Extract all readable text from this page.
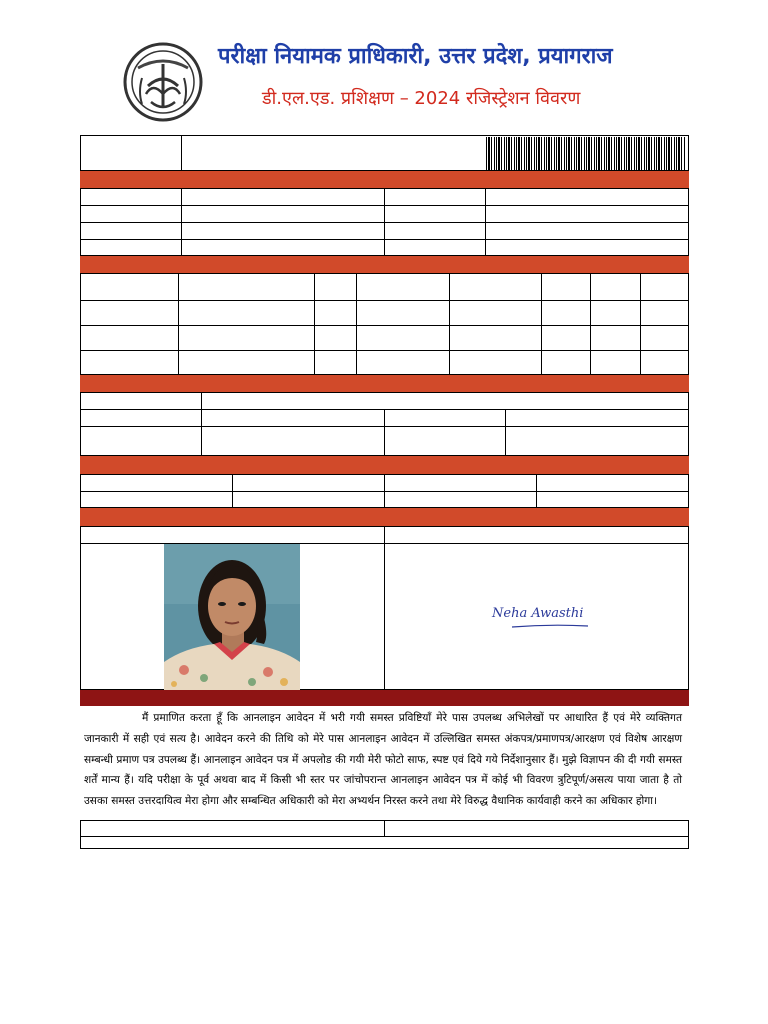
परीक्षा नियामक प्राधिकारी, उत्तर प्रदेश, प्रयागराज
डी.एल.एड. प्रशिक्षण – 2024 रजिस्ट्रेशन विवरण
Neha Awasthi
मैं प्रमाणित करता हूँ कि आनलाइन आवेदन में भरी गयी समस्त प्रविष्टियाँ मेरे पास उपलब्ध अभिलेखों पर आधारित हैं एवं मेरे व्यक्तिगत जानकारी में सही एवं सत्य है। आवेदन करने की तिथि को मेरे पास आनलाइन आवेदन में उल्लिखित समस्त अंकपत्र/प्रमाणपत्र/आरक्षण एवं विशेष आरक्षण सम्बन्धी प्रमाण पत्र उपलब्ध हैं। आनलाइन आवेदन पत्र में अपलोड की गयी मेरी फोटो साफ, स्पष्ट एवं दिये गये निर्देशानुसार हैं। मुझे विज्ञापन की दी गयी समस्त शर्तें मान्य हैं। यदि परीक्षा के पूर्व अथवा बाद में किसी भी स्तर पर जांचोपरान्त आनलाइन आवेदन पत्र में कोई भी विवरण त्रुटिपूर्ण/असत्य पाया जाता है तो उसका समस्त उत्तरदायित्व मेरा होगा और सम्बन्धित अधिकारी को मेरा अभ्यर्थन निरस्त करने तथा मेरे विरुद्ध वैधानिक कार्यवाही करने का अधिकार होगा।
